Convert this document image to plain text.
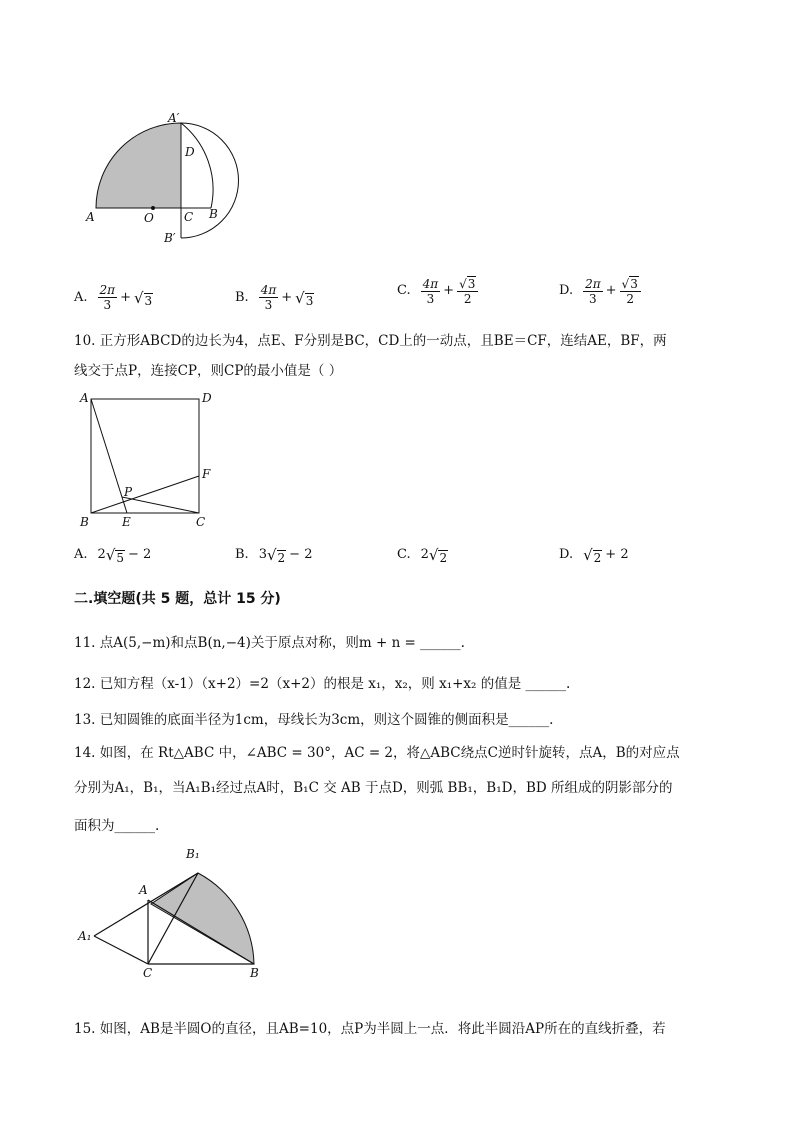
A′
D
A	O	C B
B′
A. $\frac{2\pi}{3}$ + √ 3	B. $\frac{4\pi}{3}$ + √ 3
C. $\frac{4\pi}{3} + \frac{√ 3}{2}$	D. $\frac{2\pi}{3} + \frac{√ 3}{2}$
10. 正方形ABCD的边长为4，点E、F分别是BC，CD上的一动点，且BE＝CF，连结AE，BF，两
线交于点P，连接CP，则CP的最小值是（ ）
A	D
F
P
B	E	C
A. 2 √ 5 − 2	B. 3 √ 2 − 2	C. 2 √ 2	D. √ 2 + 2
二.填空题(共 5 题，总计 15 分)
11. 点A(5,−m)和点B(n,−4)关于原点对称，则m + n = ______.
12. 已知方程（x-1）（x+2）=2（x+2）的根是 x₁，x₂，则 x₁+x₂ 的值是 ______.
13. 已知圆锥的底面半径为1cm，母线长为3cm，则这个圆锥的侧面积是______.
14. 如图，在 Rt△ABC 中，∠ABC = 30°，AC = 2，将△ABC绕点C逆时针旋转，点A，B的对应点
分别为A₁，B₁，当A₁B₁经过点A时，B₁C 交 AB 于点D，则弧 BB₁，B₁D，BD 所组成的阴影部分的
面积为______.
B₁
A
A₁
C	B
15. 如图，AB是半圆O的直径，且AB=10，点P为半圆上一点．将此半圆沿AP所在的直线折叠，若
